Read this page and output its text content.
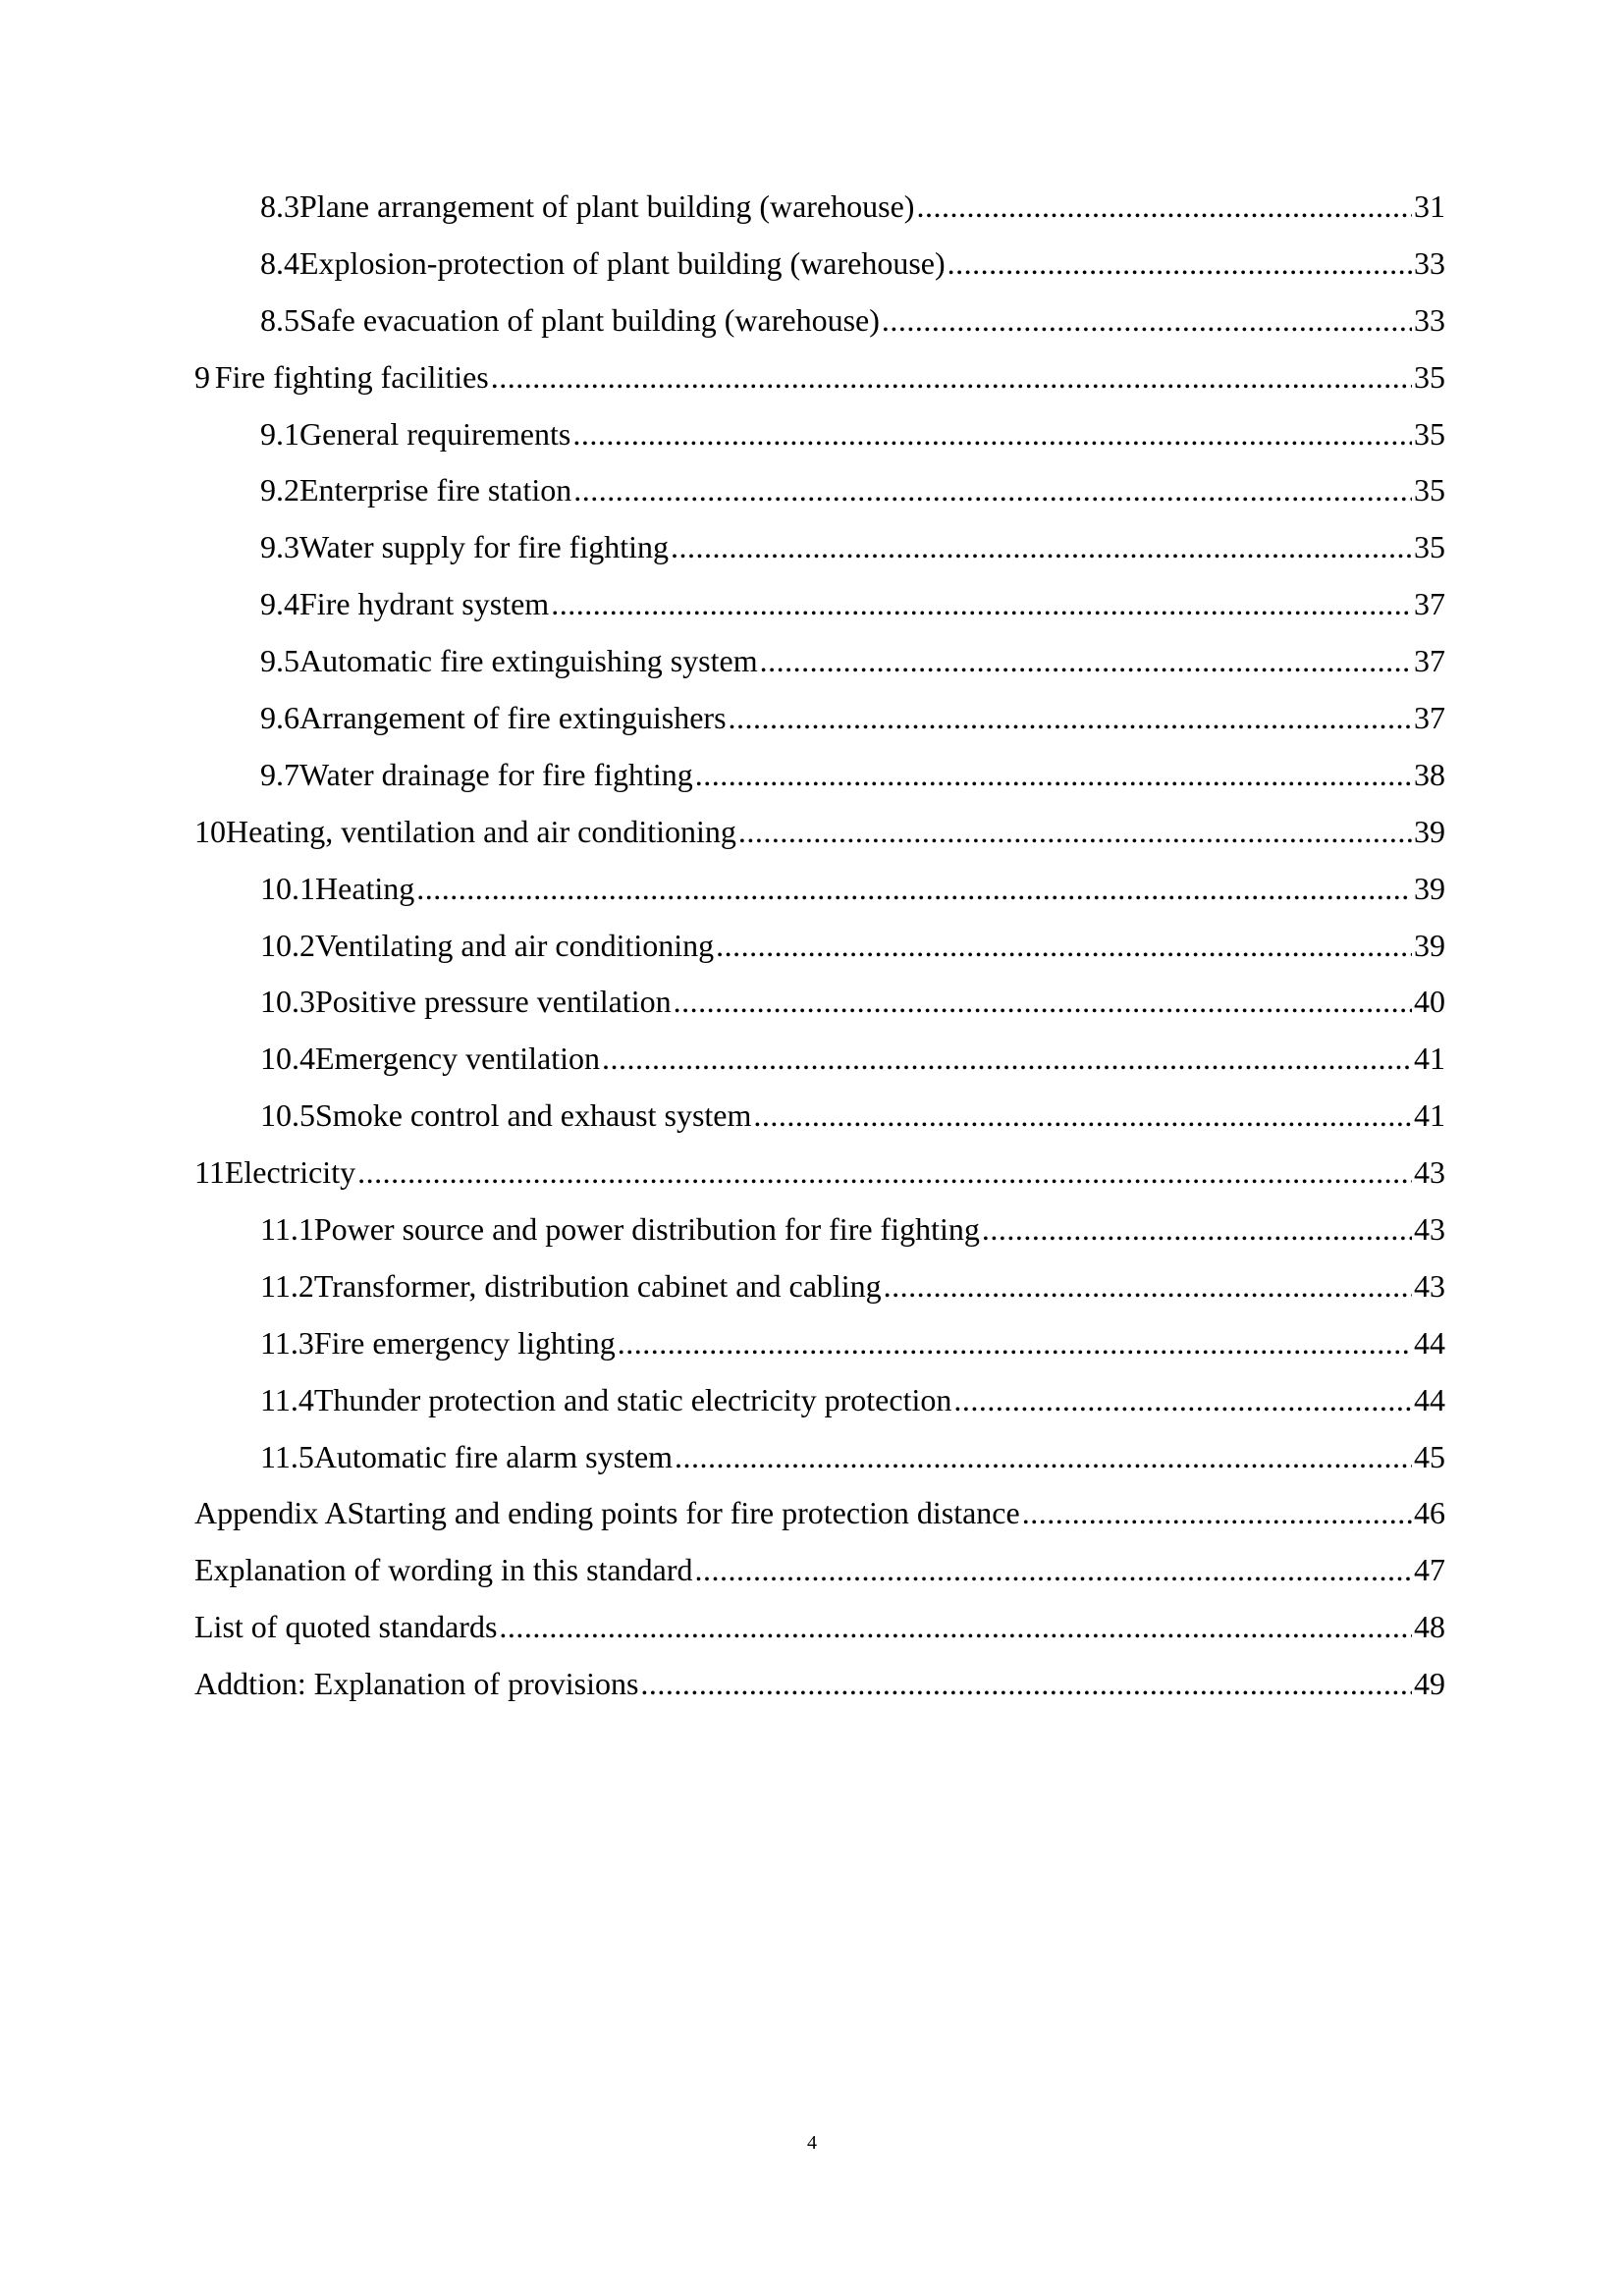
8.3 Plane arrangement of plant building (warehouse) .....	31
8.4 Explosion-protection of plant building (warehouse) .....	33
8.5 Safe evacuation of plant building (warehouse) .....	33
9 Fire fighting facilities .....	35
9.1 General requirements .....	35
9.2 Enterprise fire station .....	35
9.3 Water supply for fire fighting .....	35
9.4 Fire hydrant system .....	37
9.5 Automatic fire extinguishing system .....	37
9.6 Arrangement of fire extinguishers .....	37
9.7 Water drainage for fire fighting .....	38
10 Heating, ventilation and air conditioning .....	39
10.1 Heating .....	39
10.2 Ventilating and air conditioning .....	39
10.3 Positive pressure ventilation .....	40
10.4 Emergency ventilation .....	41
10.5 Smoke control and exhaust system .....	41
11 Electricity .....	43
11.1 Power source and power distribution for fire fighting .....	43
11.2 Transformer, distribution cabinet and cabling .....	43
11.3 Fire emergency lighting .....	44
11.4 Thunder protection and static electricity protection .....	44
11.5 Automatic fire alarm system .....	45
Appendix A Starting and ending points for fire protection distance .....	46
Explanation of wording in this standard .....	47
List of quoted standards .....	48
Addtion: Explanation of provisions .....	49
4
